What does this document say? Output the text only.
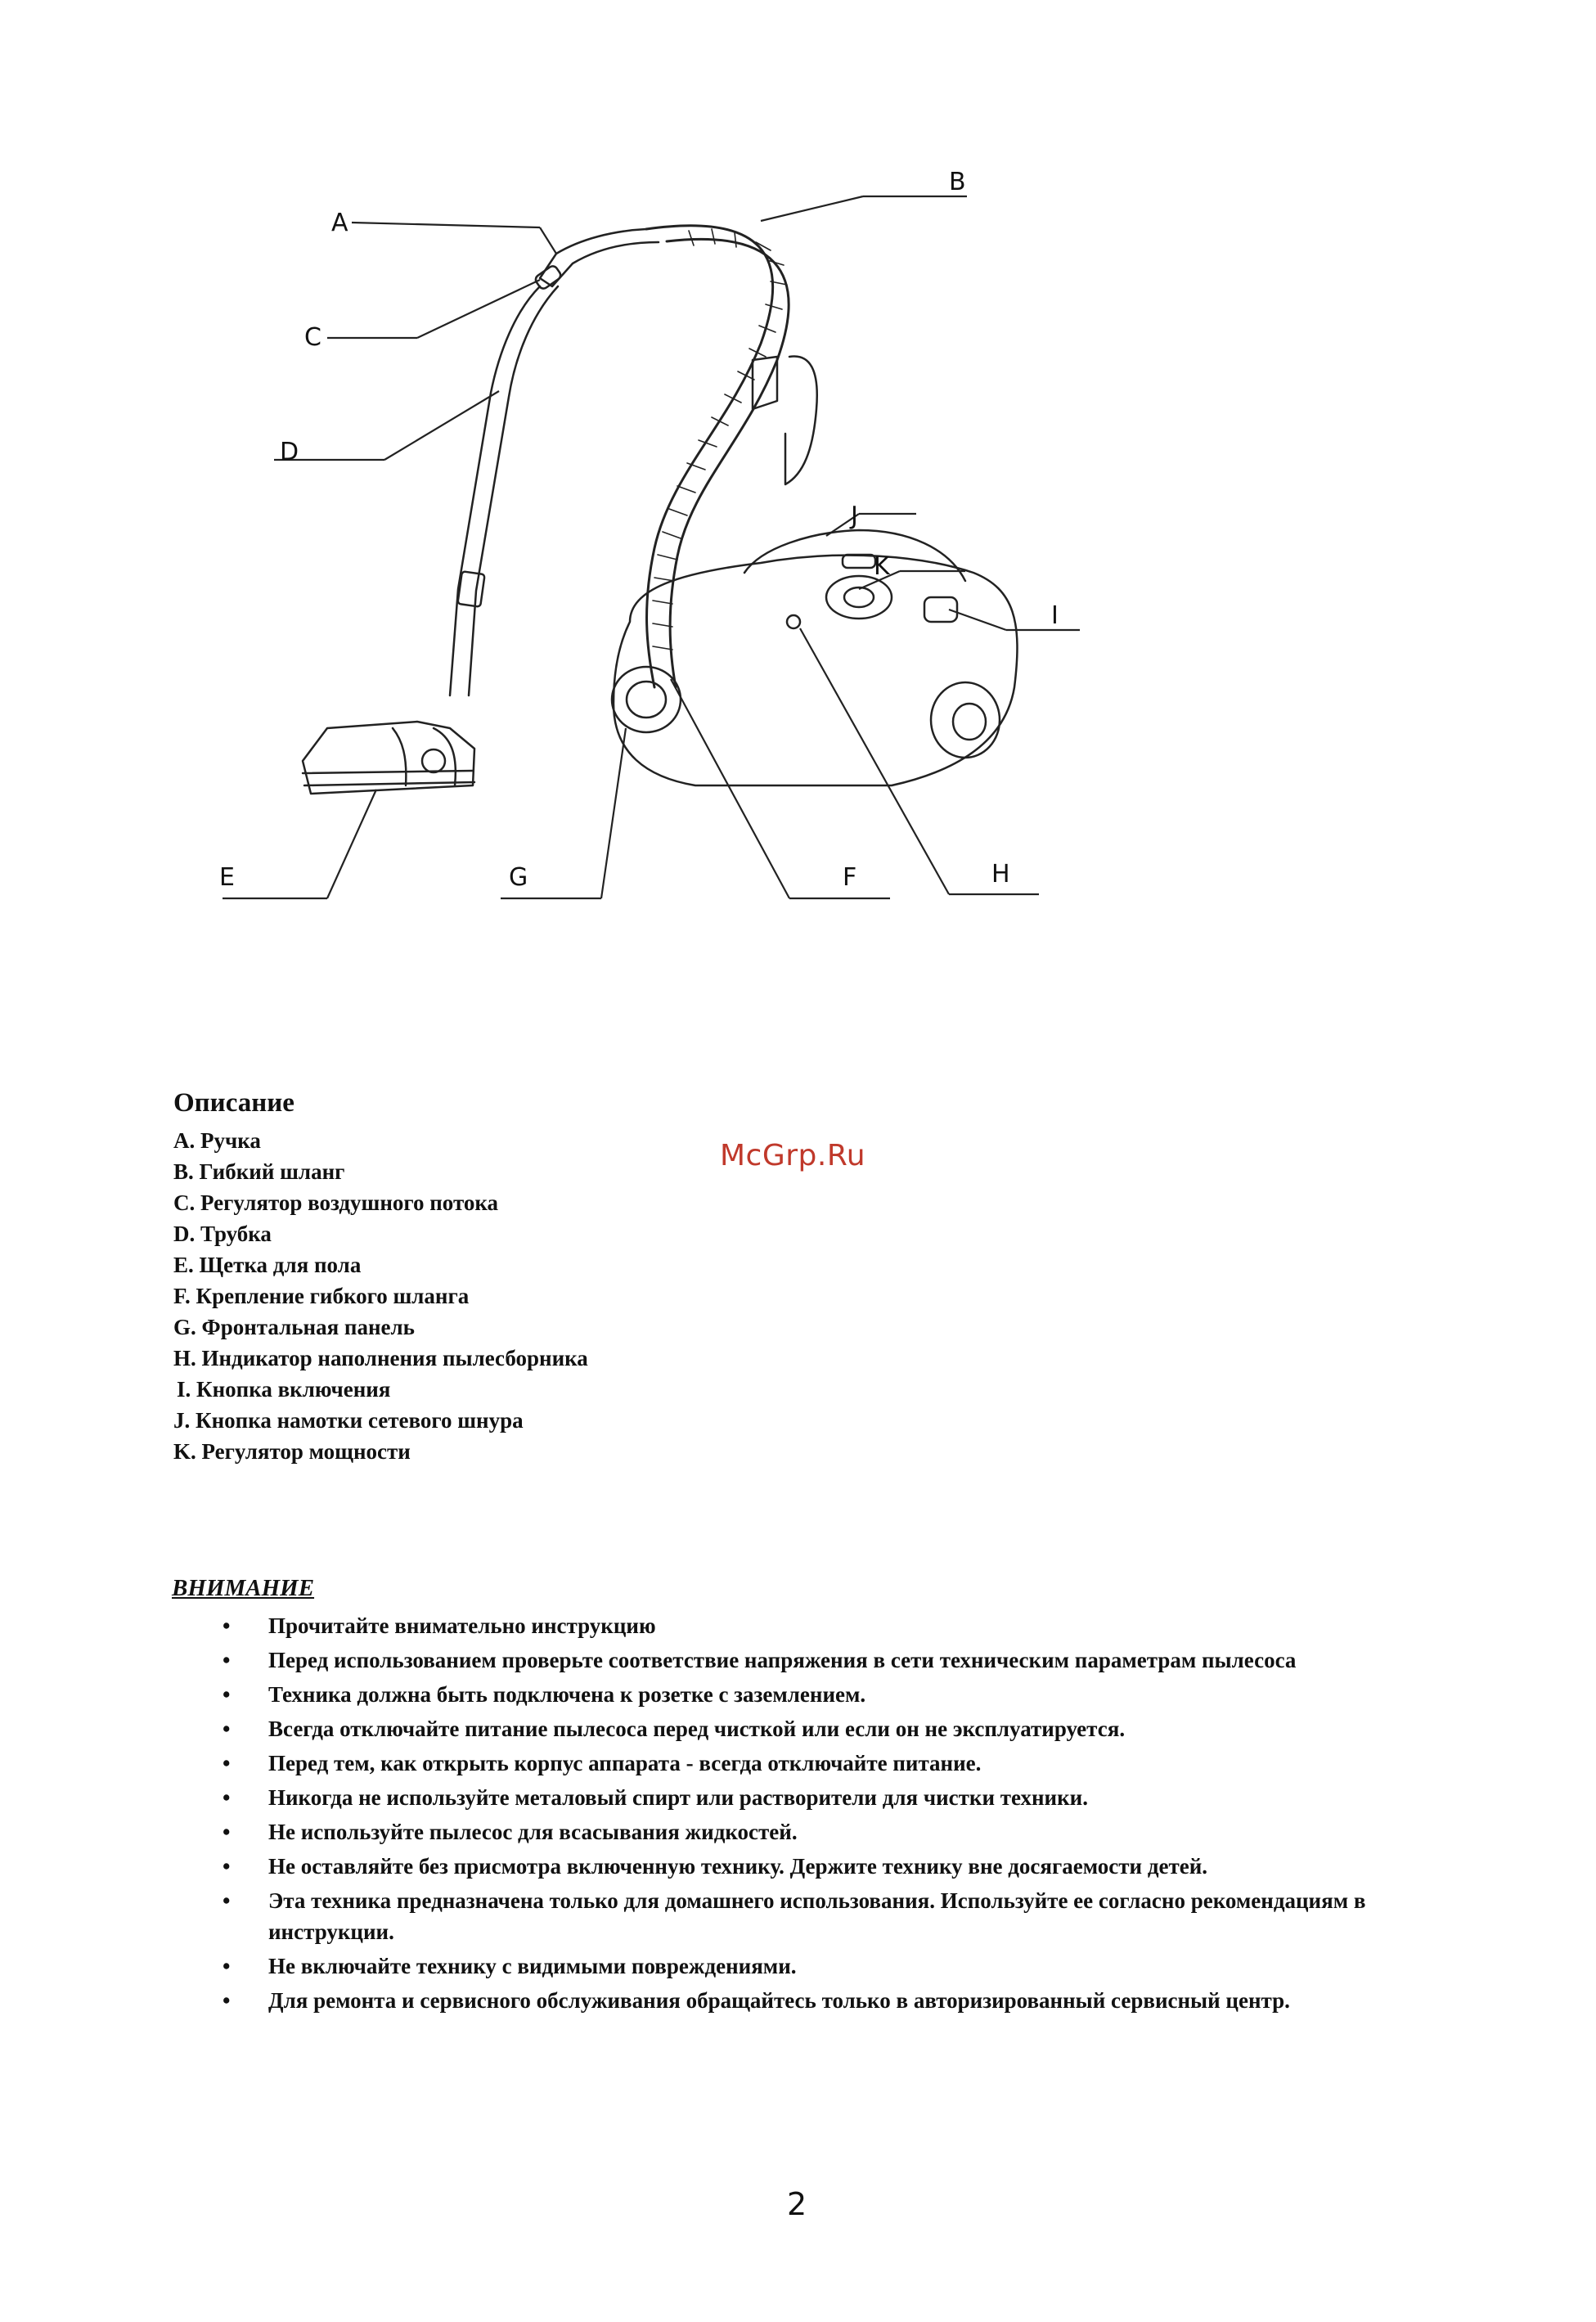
A
B
C
D
E	F
G	H
I
J
K
McGrp.Ru
Описание
A. Ручка
B. Гибкий шланг
C. Регулятор воздушного потока
D. Трубка
E. Щетка для пола
F. Крепление гибкого шланга
G. Фронтальная панель
H. Индикатор наполнения пылесборника
I. Кнопка включения
J. Кнопка намотки сетевого шнура
K. Регулятор мощности
ВНИМАНИЕ
• Прочитайте внимательно инструкцию
• Перед использованием проверьте соответствие напряжения в сети техническим параметрам пылесоса
• Техника должна быть подключена к розетке с заземлением.
• Всегда отключайте питание пылесоса перед чисткой или если он не эксплуатируется.
• Перед тем, как открыть корпус аппарата - всегда отключайте питание.
• Никогда не используйте металовый спирт или растворители для чистки техники.
• Не используйте пылесос для всасывания жидкостей.
• Не оставляйте без присмотра включенную технику. Держите технику вне досягаемости детей.
• Эта техника предназначена только для домашнего использования. Используйте ее согласно рекомендациям в инструкции.
• Не включайте технику с видимыми повреждениями.
• Для ремонта и сервисного обслуживания обращайтесь только в авторизированный сервисный центр.
2
